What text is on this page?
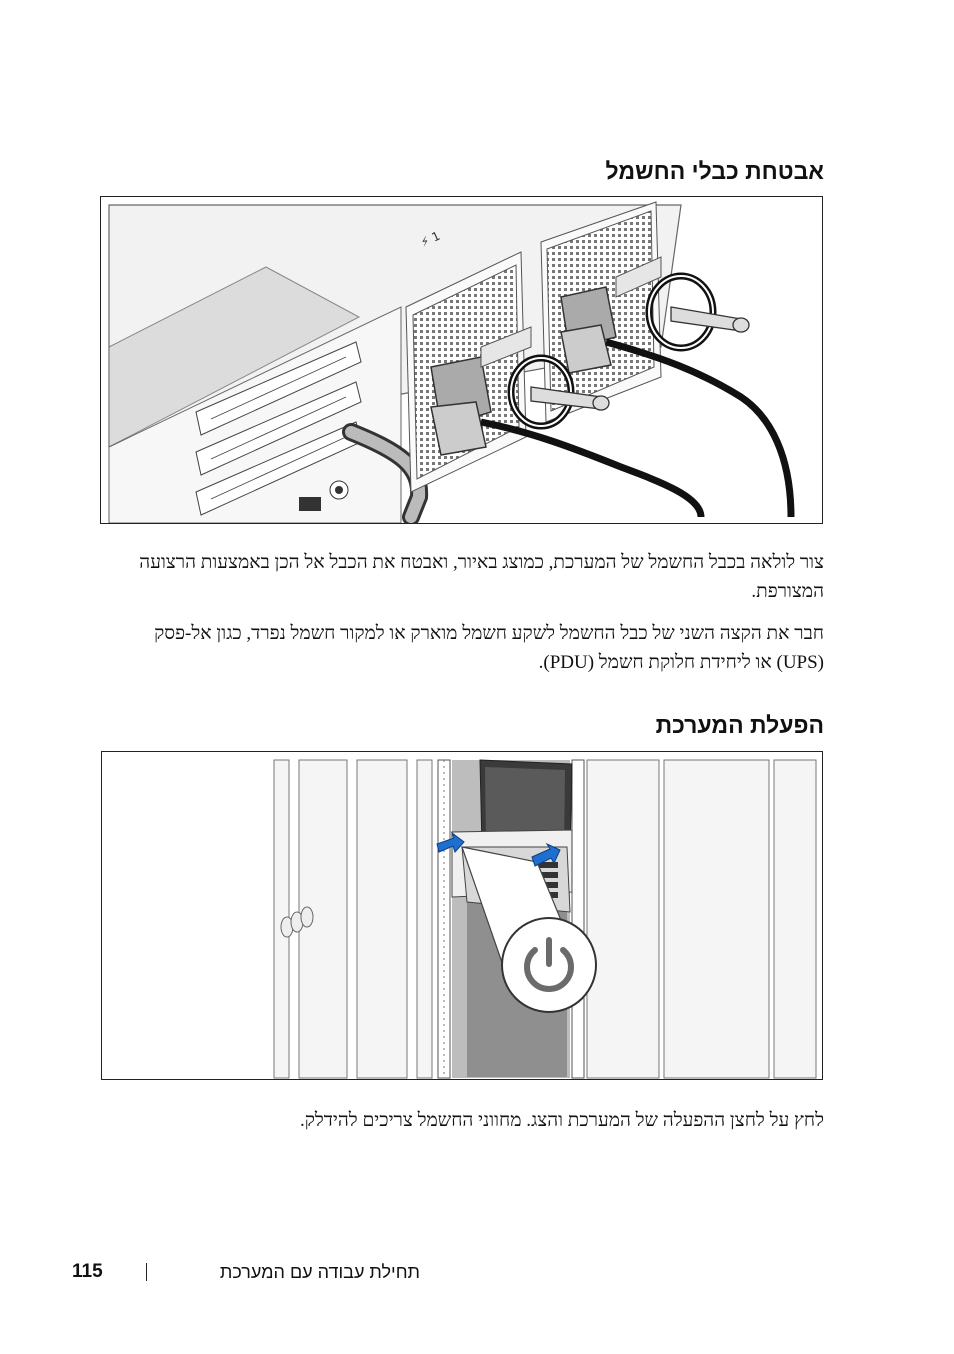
אבטחת כבלי החשמל
⚡ 1
צור לולאה בכבל החשמל של המערכת, כמוצג באיור, ואבטח את הכבל אל הכן באמצעות הרצועה המצורפת.
חבר את הקצה השני של כבל החשמל לשקע חשמל מוארק או למקור חשמל נפרד, כגון אל-פסק (UPS) או ליחידת חלוקת חשמל (PDU).
הפעלת המערכת
לחץ על לחצן ההפעלה של המערכת והצג. מחווני החשמל צריכים להידלק.
115	תחילת עבודה עם המערכת
